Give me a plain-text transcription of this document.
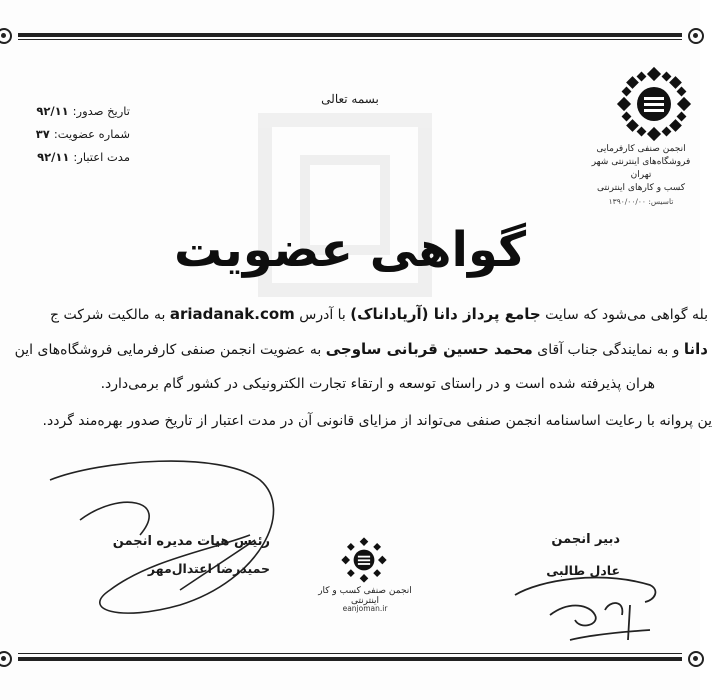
تاریخ صدور:
۹۲/۱۱
شماره عضویت:
۳۷
مدت اعتبار:
۹۲/۱۱
بسمه تعالی
انجمن صنفی کارفرمایی فروشگاه‌های اینترنتی شهر تهران
کسب و کارهای اینترنتی
تاسیس: ۱۳۹۰/۰۰/۰۰
گواهی عضویت
بله گواهی می‌شود که سایت جامع پرداز دانا (آریاداناک) با آدرس ariadanak.com به مالکیت شرکت ج
دانا و به نمایندگی جناب آقای محمد حسین قربانی ساوجی به عضویت انجمن صنفی کارفرمایی فروشگاه‌های این
هران پذیرفته شده است و در راستای توسعه و ارتقاء تجارت الکترونیکی در کشور گام برمی‌دارد.
ین پروانه با رعایت اساسنامه انجمن صنفی می‌تواند از مزایای قانونی آن در مدت اعتبار از تاریخ صدور بهره‌مند گردد.
رئیس هیات مدیره انجمن
حمیدرضا اعتدال‌مهر
دبیر انجمن
عادل طالبی
انجمن صنفی کسب و کار اینترنتی
eanjoman.ir
